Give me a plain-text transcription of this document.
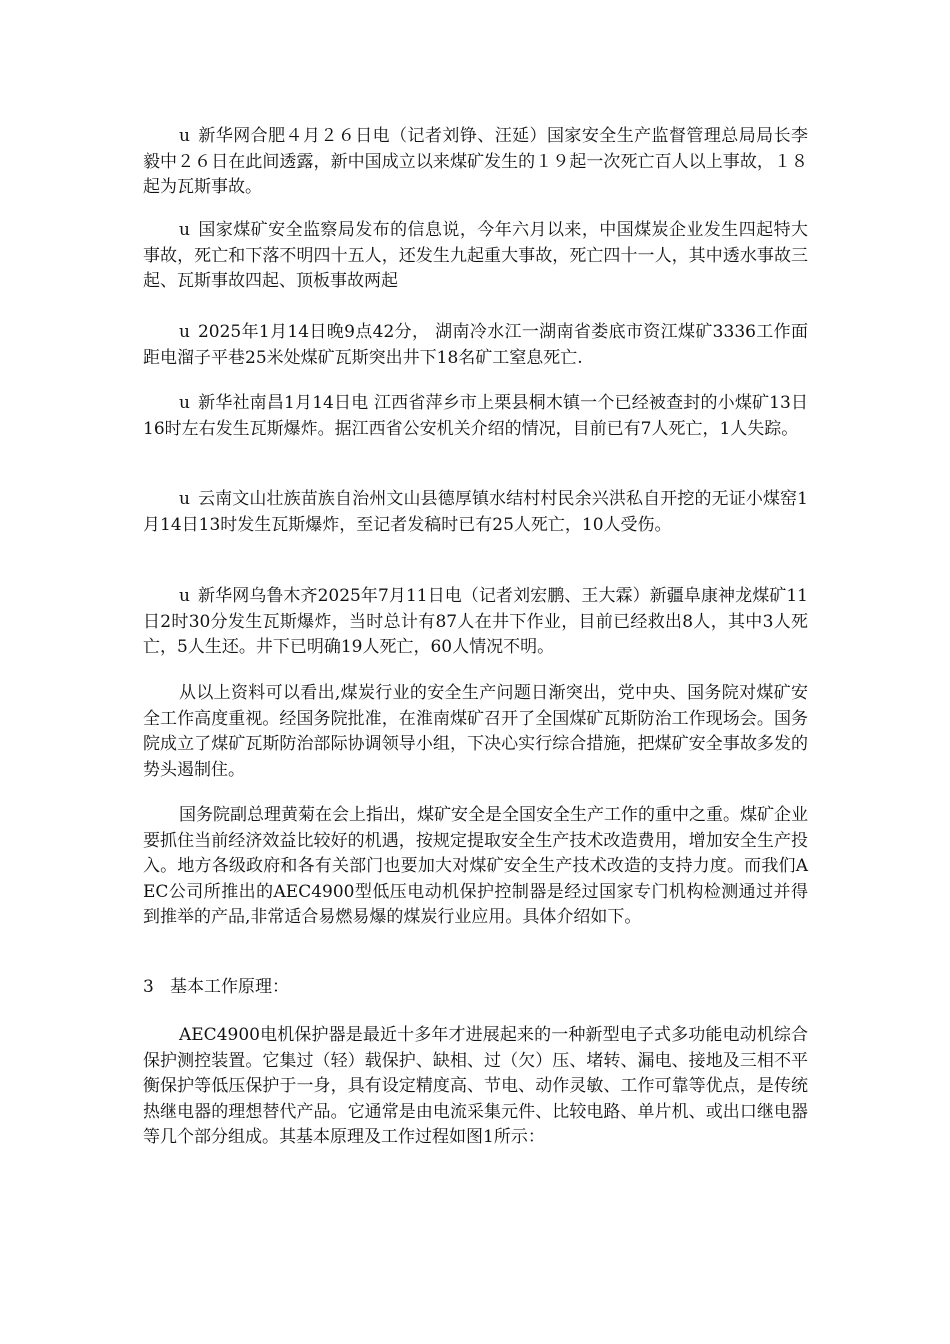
u 新华网合肥４月２６日电（记者刘铮、汪延）国家安全生产监督管理总局局长李毅中２６日在此间透露，新中国成立以来煤矿发生的１９起一次死亡百人以上事故，１８起为瓦斯事故。

u 国家煤矿安全监察局发布的信息说，今年六月以来，中国煤炭企业发生四起特大事故，死亡和下落不明四十五人，还发生九起重大事故，死亡四十一人，其中透水事故三起、瓦斯事故四起、顶板事故两起

u 2025年1月14日晚9点42分， 湖南冷水江一湖南省娄底市资江煤矿3336工作面距电溜子平巷25米处煤矿瓦斯突出井下18名矿工窒息死亡.

u 新华社南昌1月14日电 江西省萍乡市上栗县桐木镇一个已经被查封的小煤矿13日16时左右发生瓦斯爆炸。据江西省公安机关介绍的情况，目前已有7人死亡，1人失踪。

u 云南文山壮族苗族自治州文山县德厚镇水结村村民余兴洪私自开挖的无证小煤窑1月14日13时发生瓦斯爆炸，至记者发稿时已有25人死亡，10人受伤。

u 新华网乌鲁木齐2025年7月11日电（记者刘宏鹏、王大霖）新疆阜康神龙煤矿11日2时30分发生瓦斯爆炸，当时总计有87人在井下作业，目前已经救出8人，其中3人死亡，5人生还。井下已明确19人死亡，60人情况不明。

从以上资料可以看出,煤炭行业的安全生产问题日渐突出，党中央、国务院对煤矿安全工作高度重视。经国务院批准，在淮南煤矿召开了全国煤矿瓦斯防治工作现场会。国务院成立了煤矿瓦斯防治部际协调领导小组，下决心实行综合措施，把煤矿安全事故多发的势头遏制住。

国务院副总理黄菊在会上指出，煤矿安全是全国安全生产工作的重中之重。煤矿企业要抓住当前经济效益比较好的机遇，按规定提取安全生产技术改造费用，增加安全生产投入。地方各级政府和各有关部门也要加大对煤矿安全生产技术改造的支持力度。而我们AEC公司所推出的AEC4900型低压电动机保护控制器是经过国家专门机构检测通过并得到推举的产品,非常适合易燃易爆的煤炭行业应用。具体介绍如下。

3 基本工作原理：

AEC4900电机保护器是最近十多年才进展起来的一种新型电子式多功能电动机综合保护测控装置。它集过（轻）载保护、缺相、过（欠）压、堵转、漏电、接地及三相不平衡保护等低压保护于一身，具有设定精度高、节电、动作灵敏、工作可靠等优点，是传统热继电器的理想替代产品。它通常是由电流采集元件、比较电路、单片机、或出口继电器等几个部分组成。其基本原理及工作过程如图1所示：
